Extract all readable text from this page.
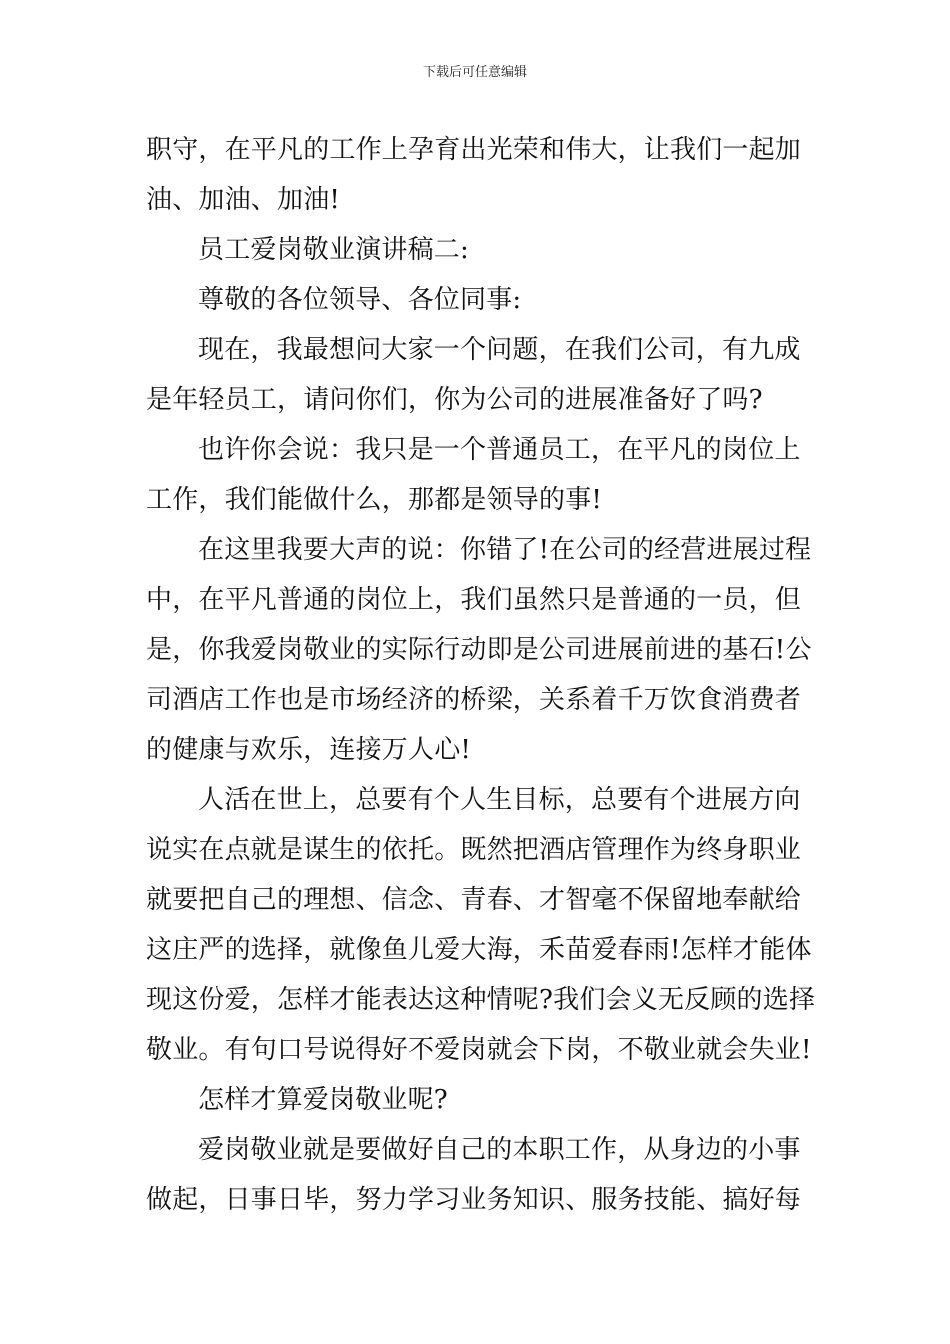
下载后可任意编辑
职守，在平凡的工作上孕育出光荣和伟大，让我们一起加
油、加油、加油!
员工爱岗敬业演讲稿二:
尊敬的各位领导、各位同事:
现在，我最想问大家一个问题，在我们公司，有九成
是年轻员工，请问你们，你为公司的进展准备好了吗?
也许你会说：我只是一个普通员工，在平凡的岗位上
工作，我们能做什么，那都是领导的事!
在这里我要大声的说：你错了!在公司的经营进展过程
中，在平凡普通的岗位上，我们虽然只是普通的一员，但
是，你我爱岗敬业的实际行动即是公司进展前进的基石!公
司酒店工作也是市场经济的桥梁，关系着千万饮食消费者
的健康与欢乐，连接万人心!
人活在世上，总要有个人生目标，总要有个进展方向
说实在点就是谋生的依托。既然把酒店管理作为终身职业
就要把自己的理想、信念、青春、才智毫不保留地奉献给
这庄严的选择，就像鱼儿爱大海，禾苗爱春雨!怎样才能体
现这份爱，怎样才能表达这种情呢?我们会义无反顾的选择
敬业。有句口号说得好不爱岗就会下岗，不敬业就会失业!
怎样才算爱岗敬业呢?
爱岗敬业就是要做好自己的本职工作，从身边的小事
做起，日事日毕，努力学习业务知识、服务技能、搞好每
